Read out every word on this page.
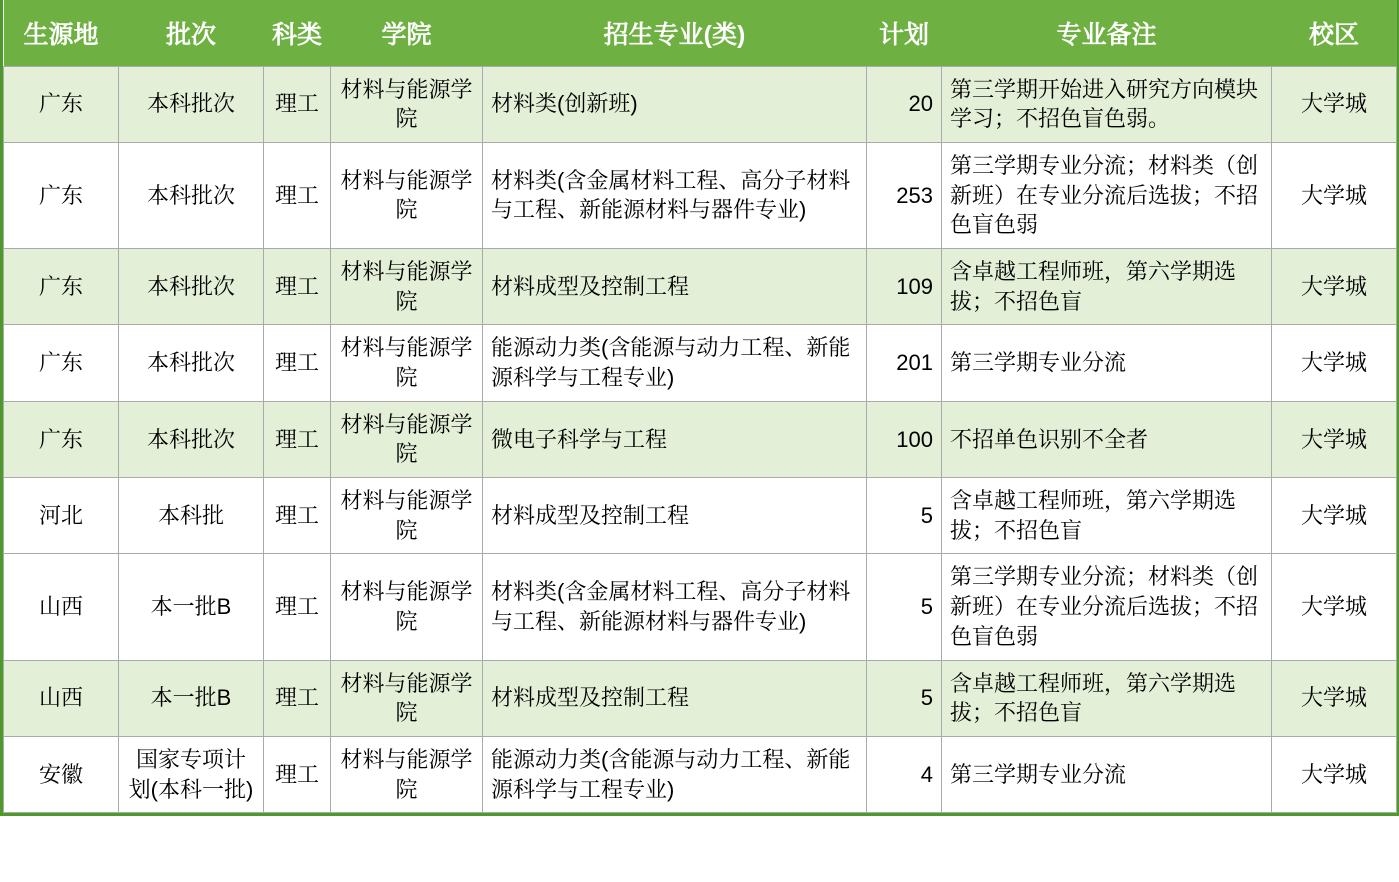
生源地	批次	科类	学院	招生专业(类)	计划	专业备注	校区
广东	本科批次	理工	材料与能源学院	材料类(创新班)	20	第三学期开始进入研究方向模块学习；不招色盲色弱。	大学城
广东	本科批次	理工	材料与能源学院	材料类(含金属材料工程、高分子材料与工程、新能源材料与器件专业)	253	第三学期专业分流；材料类（创新班）在专业分流后选拔；不招色盲色弱	大学城
广东	本科批次	理工	材料与能源学院	材料成型及控制工程	109	含卓越工程师班，第六学期选拔；不招色盲	大学城
广东	本科批次	理工	材料与能源学院	能源动力类(含能源与动力工程、新能源科学与工程专业)	201	第三学期专业分流	大学城
广东	本科批次	理工	材料与能源学院	微电子科学与工程	100	不招单色识别不全者	大学城
河北	本科批	理工	材料与能源学院	材料成型及控制工程	5	含卓越工程师班，第六学期选拔；不招色盲	大学城
山西	本一批B	理工	材料与能源学院	材料类(含金属材料工程、高分子材料与工程、新能源材料与器件专业)	5	第三学期专业分流；材料类（创新班）在专业分流后选拔；不招色盲色弱	大学城
山西	本一批B	理工	材料与能源学院	材料成型及控制工程	5	含卓越工程师班，第六学期选拔；不招色盲	大学城
安徽	国家专项计划(本科一批)	理工	材料与能源学院	能源动力类(含能源与动力工程、新能源科学与工程专业)	4	第三学期专业分流	大学城
